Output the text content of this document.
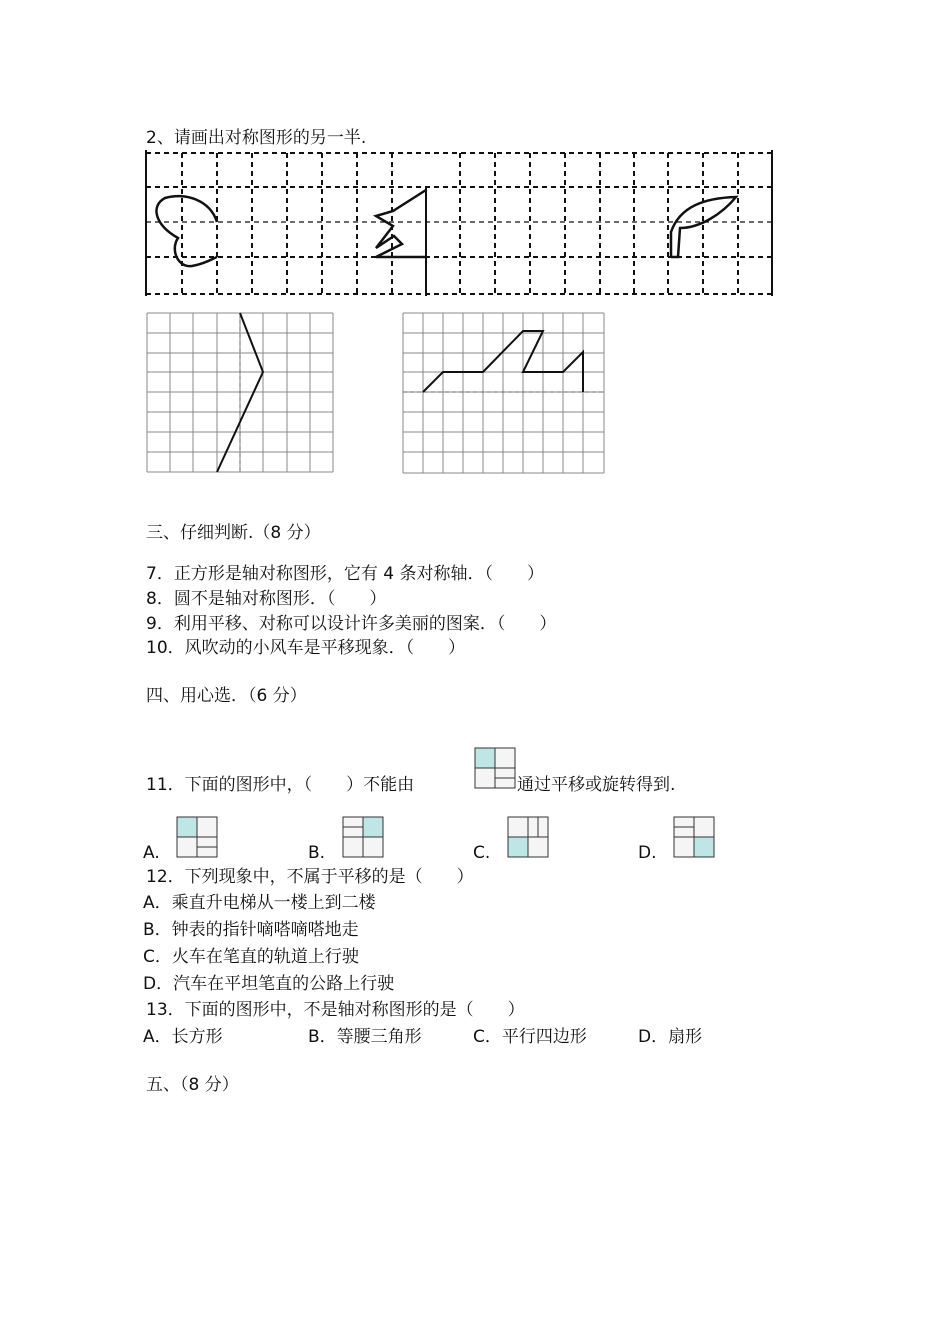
2、请画出对称图形的另一半.
三、仔细判断.（8 分）
7．正方形是轴对称图形，它有 4 条对称轴．（　　）
8．圆不是轴对称图形．（　　）
9．利用平移、对称可以设计许多美丽的图案．（　　）
10．风吹动的小风车是平移现象．（　　）
四、用心选．（6 分）
11．下面的图形中，（　　）不能由	通过平移或旋转得到.
A.	B.	C.	D.
12．下列现象中，不属于平移的是（　　）
A．乘直升电梯从一楼上到二楼
B．钟表的指针嘀嗒嘀嗒地走
C．火车在笔直的轨道上行驶
D．汽车在平坦笔直的公路上行驶
13．下面的图形中，不是轴对称图形的是（　　）
A．长方形	B．等腰三角形	C．平行四边形	D．扇形
五、（8 分）
